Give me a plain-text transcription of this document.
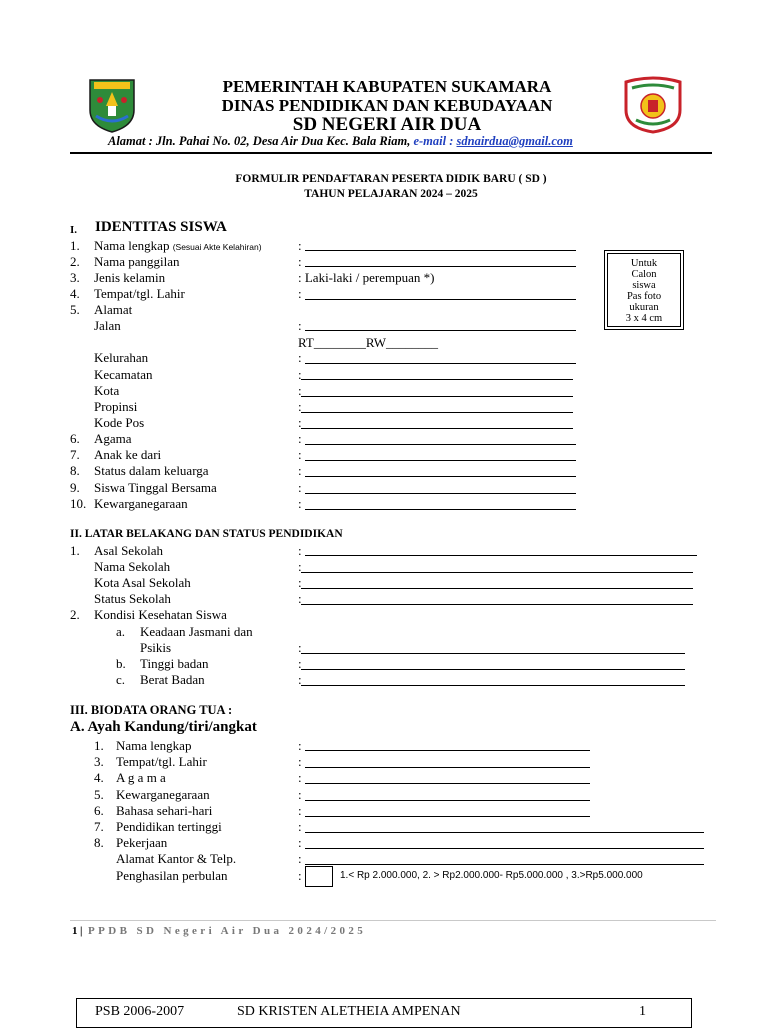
PEMERINTAH KABUPATEN SUKAMARA
DINAS PENDIDIKAN DAN KEBUDAYAAN
SD NEGERI AIR DUA
Alamat : Jln. Pahai No. 02, Desa Air Dua Kec. Bala Riam, e-mail : sdnairdua@gmail.com
FORMULIR PENDAFTARAN PESERTA DIDIK BARU ( SD )
TAHUN PELAJARAN 2024 – 2025
I. IDENTITAS SISWA
1. Nama lengkap (Sesuai Akte Kelahiran)	:
2. Nama panggilan	:
3. Jenis kelamin	: Laki-laki / perempuan *)
4. Tempat/tgl. Lahir	:
5. Alamat
Jalan	:
RT________RW________
Kelurahan	:
Kecamatan	:
Kota	:
Propinsi	:
Kode Pos	:
6. Agama	:
7. Anak ke dari	:
8. Status dalam keluarga	:
9. Siswa Tinggal Bersama	:
10. Kewarganegaraan	:
Untuk
Calon
siswa
Pas foto
ukuran
3 x 4 cm
II. LATAR BELAKANG DAN STATUS PENDIDIKAN
1. Asal Sekolah	:
Nama Sekolah	:
Kota Asal Sekolah	:
Status Sekolah	:
2. Kondisi Kesehatan Siswa
a. Keadaan Jasmani dan
Psikis	:
b. Tinggi badan	:
c. Berat Badan	:
III. BIODATA ORANG TUA :
A. Ayah Kandung/tiri/angkat
1. Nama lengkap	:
3. Tempat/tgl. Lahir	:
4. A g a m a	:
5. Kewarganegaraan	:
6. Bahasa sehari-hari	:
7. Pendidikan tertinggi	:
8. Pekerjaan	:
Alamat Kantor & Telp.	:
Penghasilan perbulan	:	1.< Rp 2.000.000, 2. > Rp2.000.000- Rp5.000.000 , 3.>Rp5.000.000
1 | PPDB SD Negeri Air Dua 2024/2025
PSB 2006-2007	SD KRISTEN ALETHEIA AMPENAN	1
